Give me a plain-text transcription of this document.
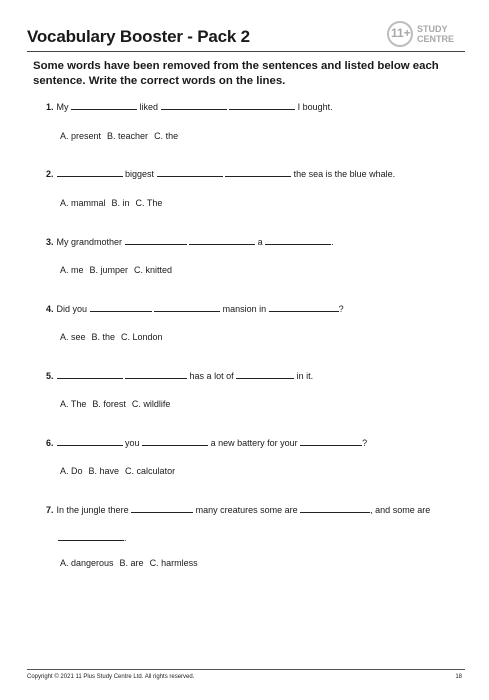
Vocabulary Booster - Pack 2	11+ STUDY
CENTRE
Some words have been removed from the sentences and listed below each sentence. Write the correct words on the lines.
1. My	liked	I bought.
A. present B. teacher C. the
2.	biggest	the sea is the blue whale.
A. mammal B. in C. The
3. My grandmother	a	.
A. me B. jumper C. knitted
4. Did you	mansion in	?
A. see B. the C. London
5.	has a lot of	in it.
A. The B. forest C. wildlife
6.	you	a new battery for your	?
A. Do B. have C. calculator
7. In the jungle there	many creatures some are	, and some are
.
A. dangerous B. are C. harmless
Copyright © 2021 11 Plus Study Centre Ltd. All rights reserved.	18
